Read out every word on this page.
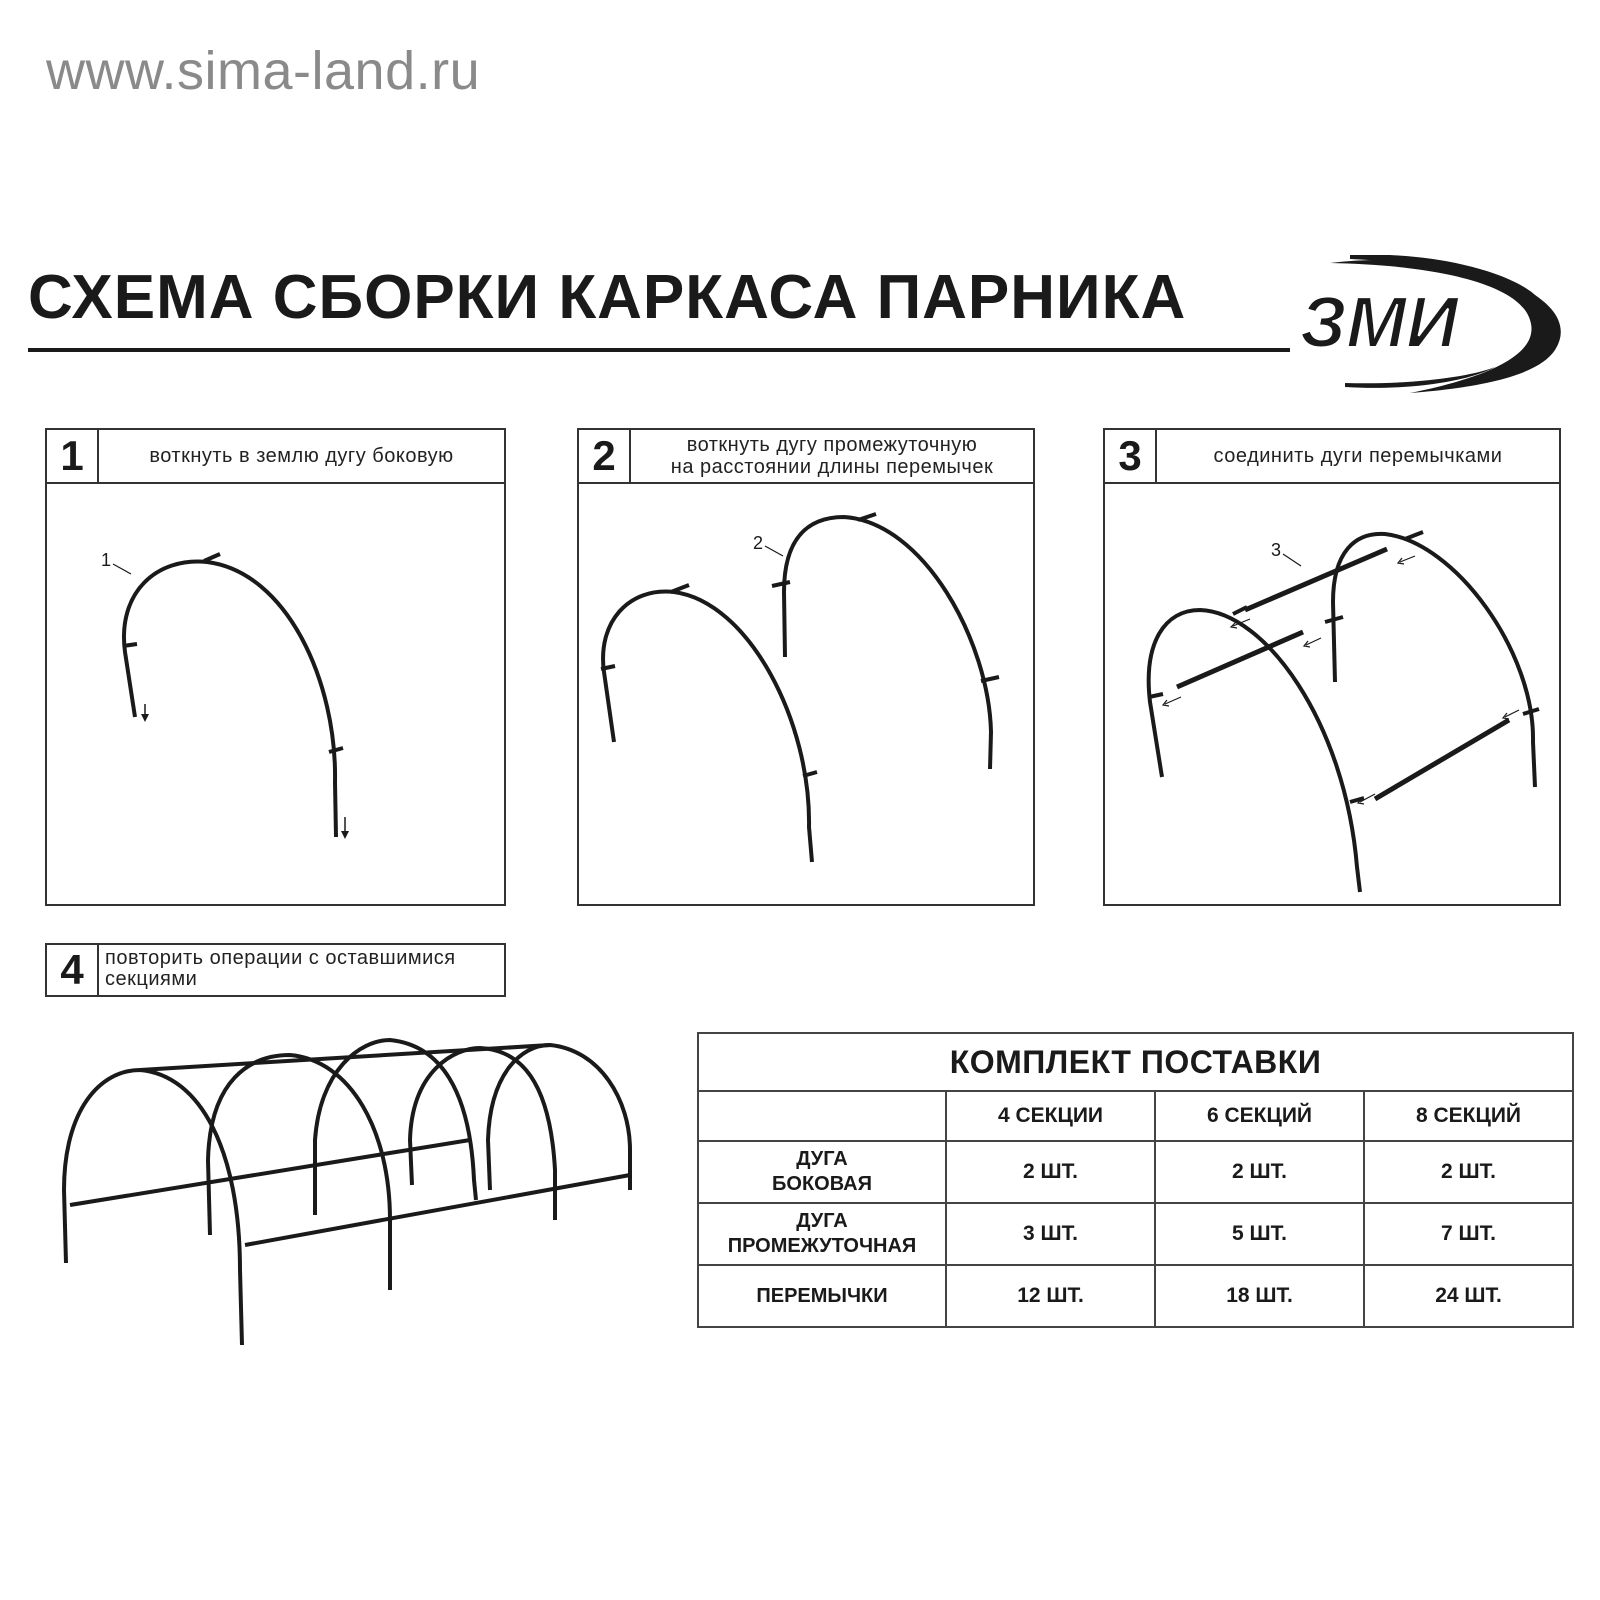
www.sima-land.ru
СХЕМА СБОРКИ КАРКАСА ПАРНИКА ЗМИ
1	воткнуть в землю дугу боковую
1
2	воткнуть дугу промежуточную
на расстоянии длины перемычек
2
3	соединить дуги перемычками
3
4	повторить операции с оставшимися
секциями
КОМПЛЕКТ ПОСТАВКИ			
	4 СЕКЦИИ	6 СЕКЦИЙ	8 СЕКЦИЙ

ДУГА
БОКОВАЯ	2 ШТ.	2 ШТ.	2 ШТ.

ДУГА
ПРОМЕЖУТОЧНАЯ	3 ШТ.	5 ШТ.	7 ШТ.

ПЕРЕМЫЧКИ	12 ШТ.	18 ШТ.	24 ШТ.
